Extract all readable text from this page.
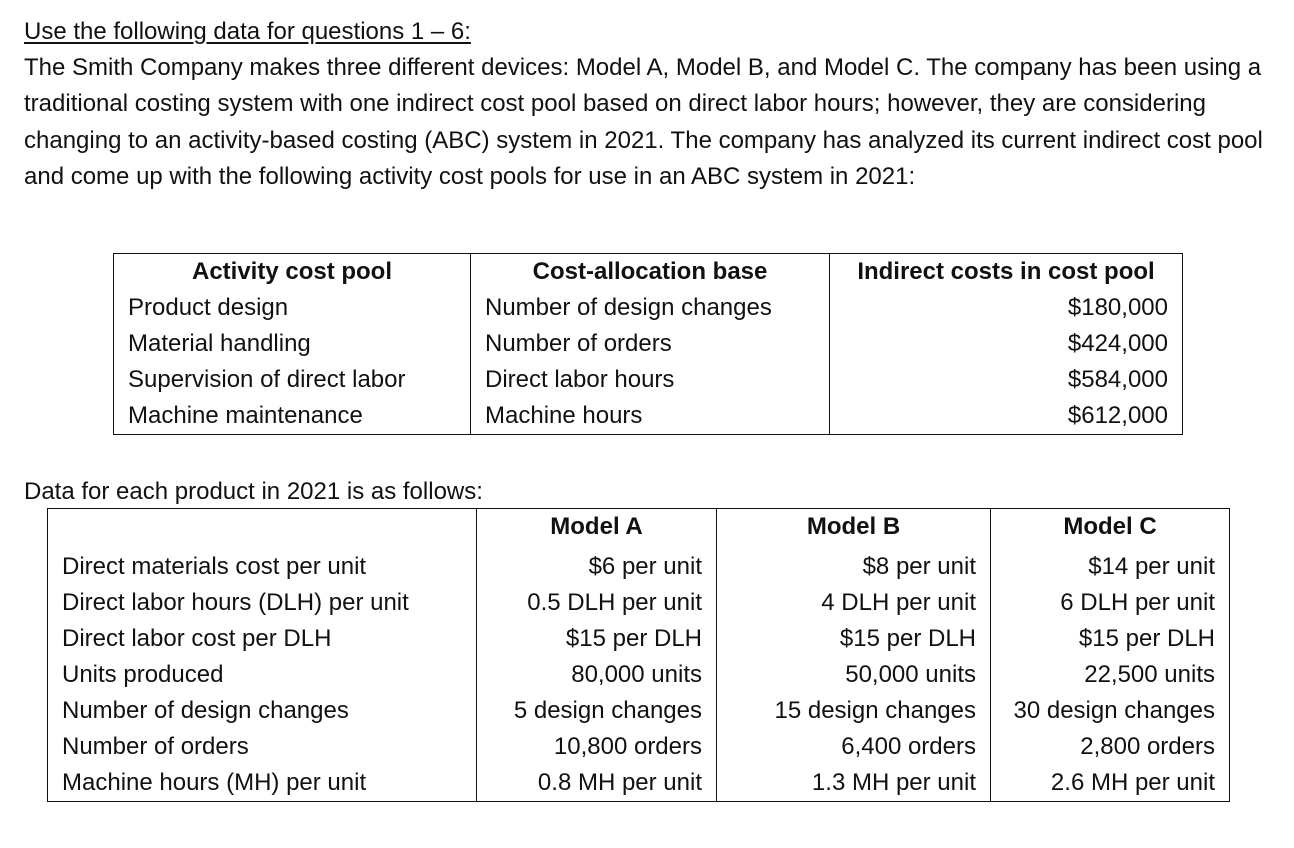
Use the following data for questions 1 – 6:

The Smith Company makes three different devices: Model A, Model B, and Model C. The company has been using a traditional costing system with one indirect cost pool based on direct labor hours; however, they are considering changing to an activity-based costing (ABC) system in 2021. The company has analyzed its current indirect cost pool and come up with the following activity cost pools for use in an ABC system in 2021:

Activity cost pool	Cost-allocation base	Indirect costs in cost pool
Product design	Number of design changes	$180,000
Material handling	Number of orders	$424,000
Supervision of direct labor	Direct labor hours	$584,000
Machine maintenance	Machine hours	$612,000
Data for each product in 2021 is as follows:
	Model A	Model B	Model C
Direct materials cost per unit	$6 per unit	$8 per unit	$14 per unit
Direct labor hours (DLH) per unit	0.5 DLH per unit	4 DLH per unit	6 DLH per unit
Direct labor cost per DLH	$15 per DLH	$15 per DLH	$15 per DLH
Units produced	80,000 units	50,000 units	22,500 units
Number of design changes	5 design changes	15 design changes	30 design changes
Number of orders	10,800 orders	6,400 orders	2,800 orders
Machine hours (MH) per unit	0.8 MH per unit	1.3 MH per unit	2.6 MH per unit
